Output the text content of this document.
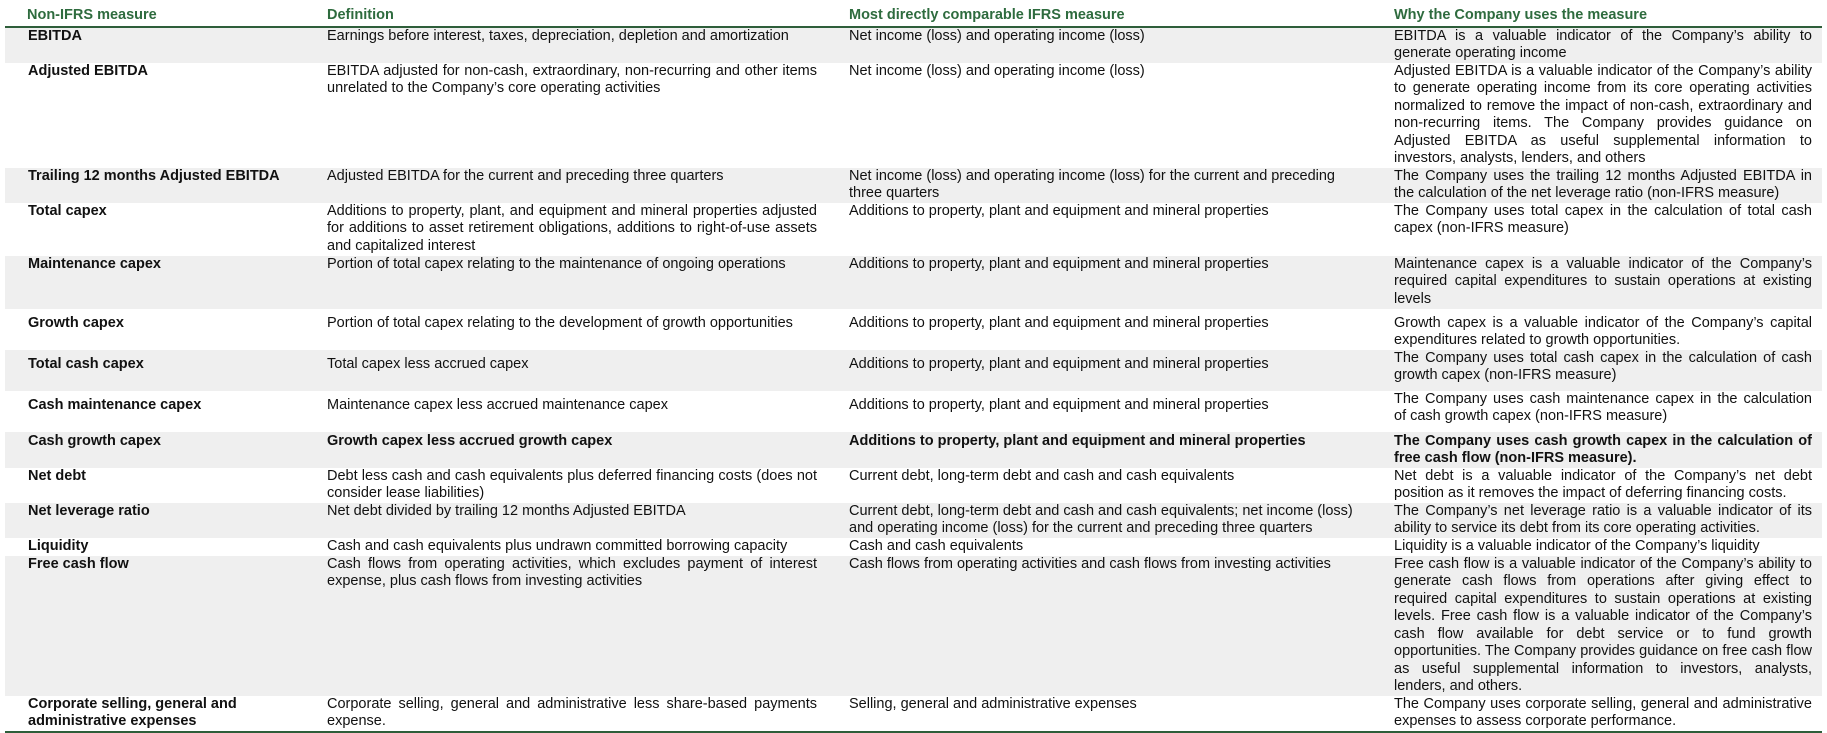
Non-IFRS measure	Definition	Most directly comparable IFRS measure	Why the Company uses the measure
EBITDA	Earnings before interest, taxes, depreciation, depletion and amortization	Net income (loss) and operating income (loss)	EBITDA is a valuable indicator of the Company’s ability to generate operating income
Adjusted EBITDA	EBITDA adjusted for non-cash, extraordinary, non-recurring and other items unrelated to the Company’s core operating activities	Net income (loss) and operating income (loss)	Adjusted EBITDA is a valuable indicator of the Company’s ability to generate operating income from its core operating activities normalized to remove the impact of non-cash, extraordinary and non-recurring items. The Company provides guidance on Adjusted EBITDA as useful supplemental information to investors, analysts, lenders, and others
Trailing 12 months Adjusted EBITDA	Adjusted EBITDA for the current and preceding three quarters	Net income (loss) and operating income (loss) for the current and preceding three quarters	The Company uses the trailing 12 months Adjusted EBITDA in the calculation of the net leverage ratio (non-IFRS measure)
Total capex	Additions to property, plant, and equipment and mineral properties adjusted for additions to asset retirement obligations, additions to right-of-use assets and capitalized interest	Additions to property, plant and equipment and mineral properties	The Company uses total capex in the calculation of total cash capex (non-IFRS measure)
Maintenance capex	Portion of total capex relating to the maintenance of ongoing operations	Additions to property, plant and equipment and mineral properties	Maintenance capex is a valuable indicator of the Company’s required capital expenditures to sustain operations at existing levels
Growth capex	Portion of total capex relating to the development of growth opportunities	Additions to property, plant and equipment and mineral properties	Growth capex is a valuable indicator of the Company’s capital expenditures related to growth opportunities.
Total cash capex	Total capex less accrued capex	Additions to property, plant and equipment and mineral properties	The Company uses total cash capex in the calculation of cash growth capex (non-IFRS measure)
Cash maintenance capex	Maintenance capex less accrued maintenance capex	Additions to property, plant and equipment and mineral properties	The Company uses cash maintenance capex in the calculation of cash growth capex (non-IFRS measure)
Cash growth capex	Growth capex less accrued growth capex	Additions to property, plant and equipment and mineral properties	The Company uses cash growth capex in the calculation of free cash flow (non-IFRS measure).
Net debt	Debt less cash and cash equivalents plus deferred financing costs (does not consider lease liabilities)	Current debt, long-term debt and cash and cash equivalents	Net debt is a valuable indicator of the Company’s net debt position as it removes the impact of deferring financing costs.
Net leverage ratio	Net debt divided by trailing 12 months Adjusted EBITDA	Current debt, long-term debt and cash and cash equivalents; net income (loss) and operating income (loss) for the current and preceding three quarters	The Company’s net leverage ratio is a valuable indicator of its ability to service its debt from its core operating activities.
Liquidity	Cash and cash equivalents plus undrawn committed borrowing capacity	Cash and cash equivalents	Liquidity is a valuable indicator of the Company’s liquidity
Free cash flow	Cash flows from operating activities, which excludes payment of interest expense, plus cash flows from investing activities	Cash flows from operating activities and cash flows from investing activities	Free cash flow is a valuable indicator of the Company’s ability to generate cash flows from operations after giving effect to required capital expenditures to sustain operations at existing levels. Free cash flow is a valuable indicator of the Company’s cash flow available for debt service or to fund growth opportunities. The Company provides guidance on free cash flow as useful supplemental information to investors, analysts, lenders, and others.
Corporate selling, general and administrative expenses	Corporate selling, general and administrative less share-based payments expense.	Selling, general and administrative expenses	The Company uses corporate selling, general and administrative expenses to assess corporate performance.
